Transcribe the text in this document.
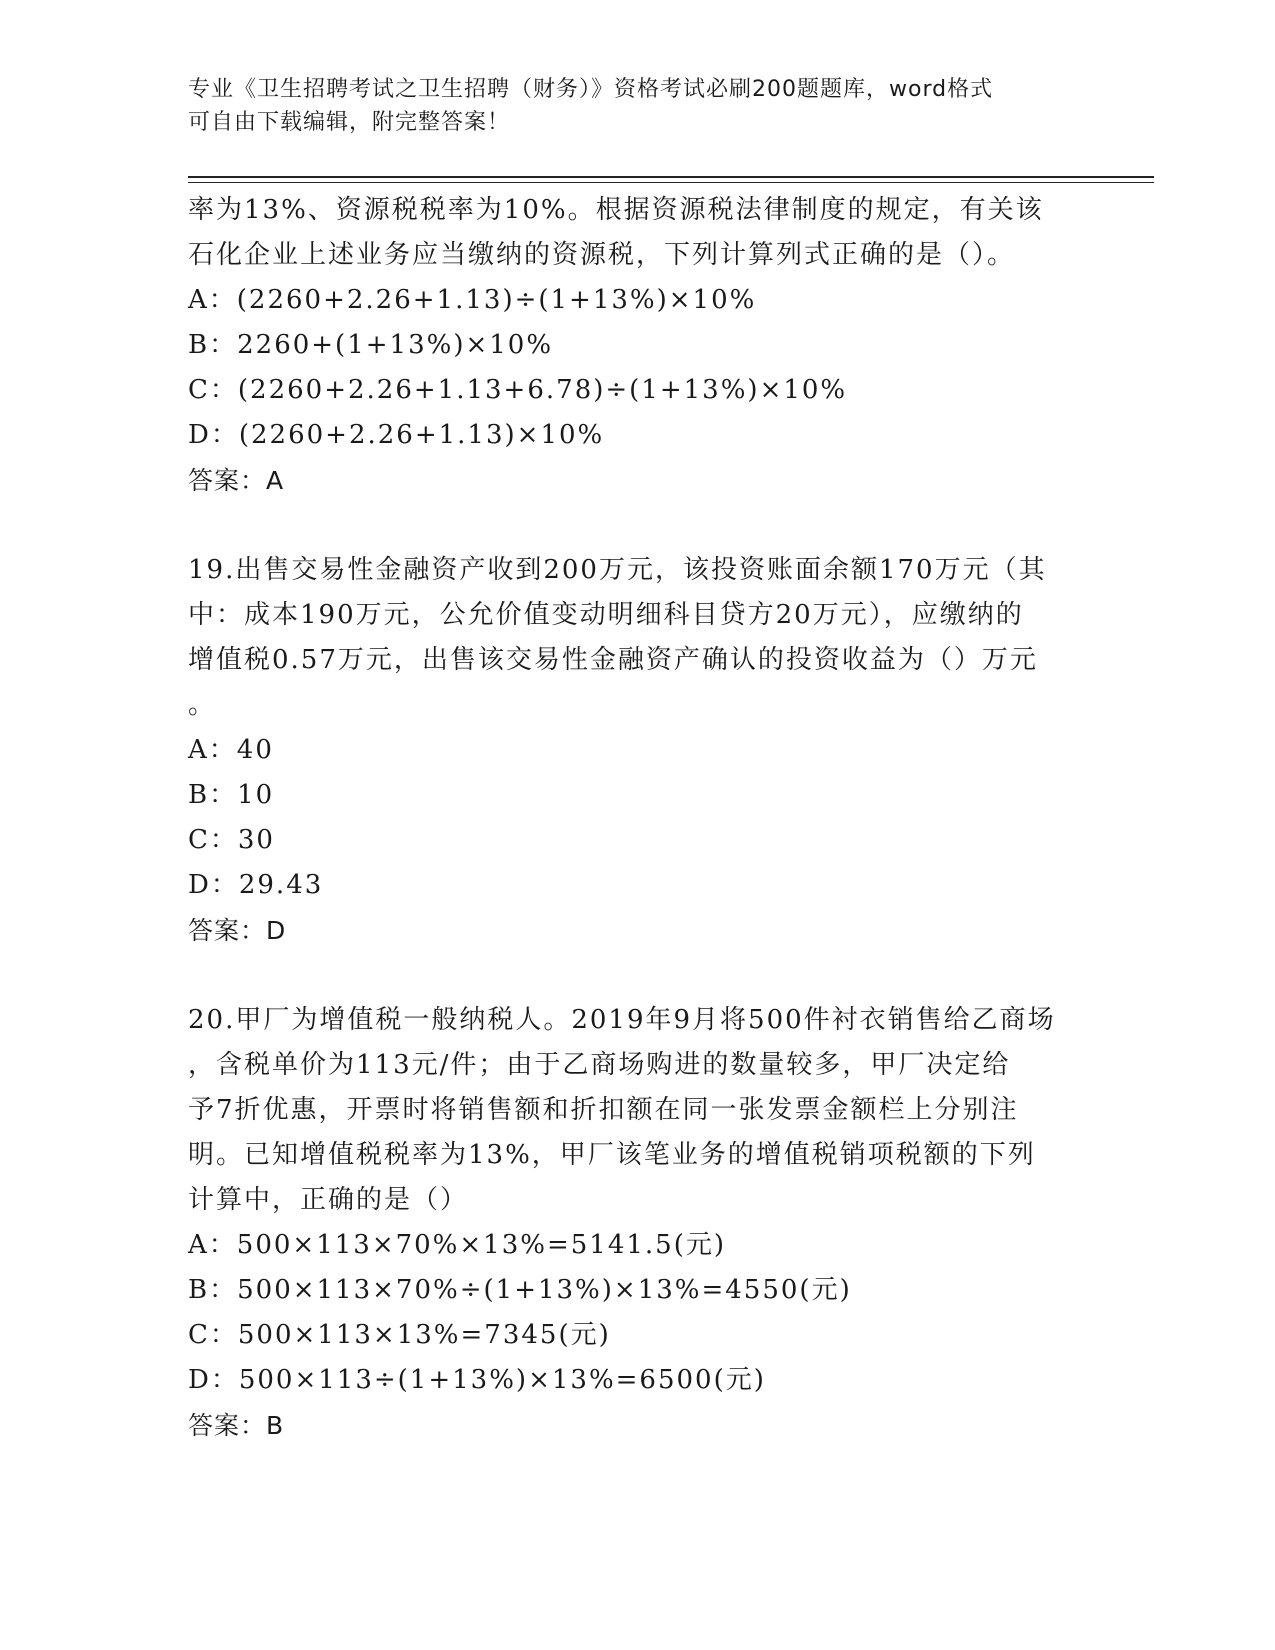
专业《卫生招聘考试之卫生招聘（财务）》资格考试必刷200题题库，word格式
可自由下载编辑，附完整答案！
率为13%、资源税税率为10%。根据资源税法律制度的规定，有关该
石化企业上述业务应当缴纳的资源税，下列计算列式正确的是（）。
A：(2260+2.26+1.13)÷(1+13%)×10%
B：2260+(1+13%)×10%
C：(2260+2.26+1.13+6.78)÷(1+13%)×10%
D：(2260+2.26+1.13)×10%
答案：A
19.出售交易性金融资产收到200万元，该投资账面余额170万元（其
中：成本190万元，公允价值变动明细科目贷方20万元），应缴纳的
增值税0.57万元，出售该交易性金融资产确认的投资收益为（）万元
。
A：40
B：10
C：30
D：29.43
答案：D
20.甲厂为增值税一般纳税人。2019年9月将500件衬衣销售给乙商场
，含税单价为113元/件；由于乙商场购进的数量较多，甲厂决定给
予7折优惠，开票时将销售额和折扣额在同一张发票金额栏上分别注
明。已知增值税税率为13%，甲厂该笔业务的增值税销项税额的下列
计算中，正确的是（）
A：500×113×70%×13%=5141.5(元)
B：500×113×70%÷(1+13%)×13%=4550(元)
C：500×113×13%=7345(元)
D：500×113÷(1+13%)×13%=6500(元)
答案：B
